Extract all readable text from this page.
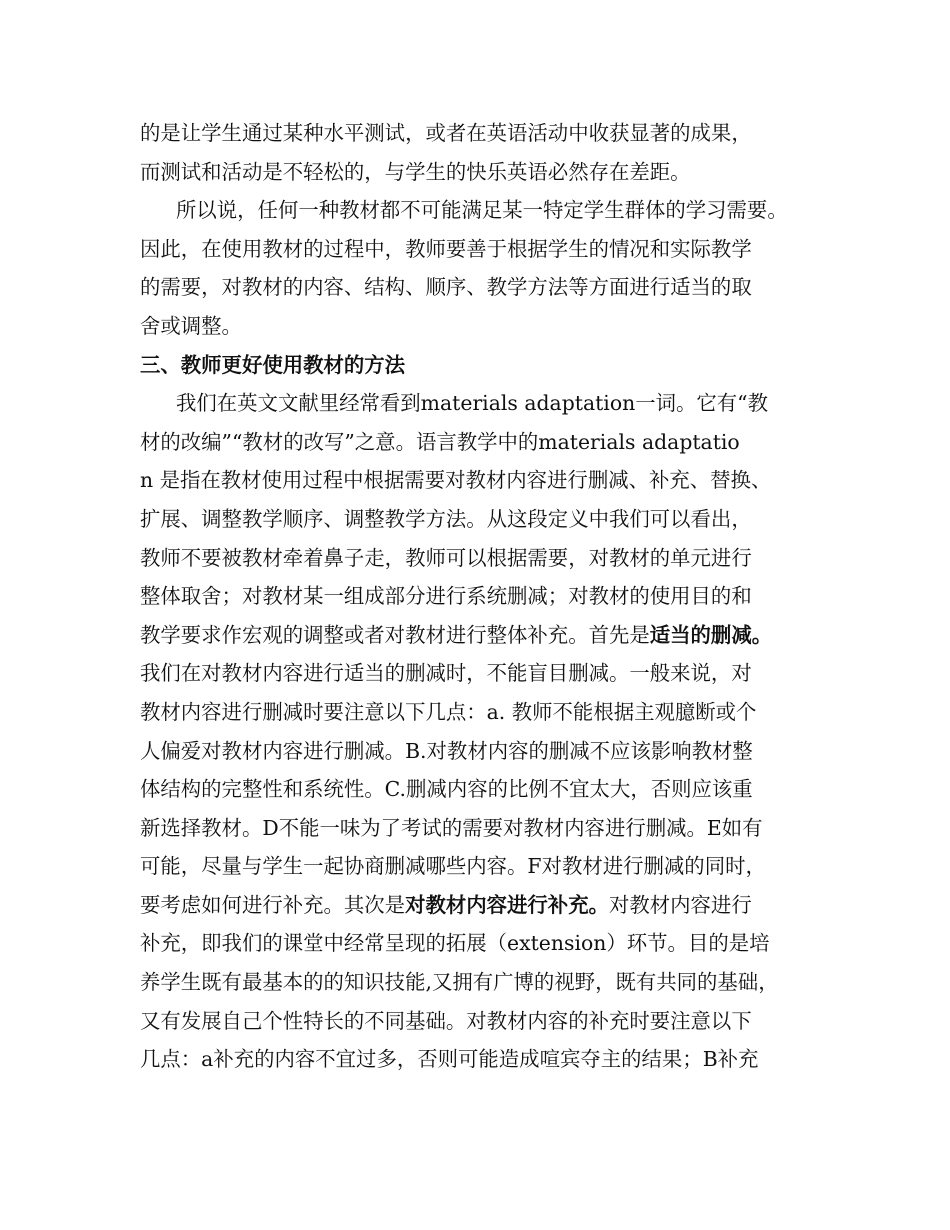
的是让学生通过某种水平测试，或者在英语活动中收获显著的成果，
而测试和活动是不轻松的，与学生的快乐英语必然存在差距。
所以说，任何一种教材都不可能满足某一特定学生群体的学习需要。
因此，在使用教材的过程中，教师要善于根据学生的情况和实际教学
的需要，对教材的内容、结构、顺序、教学方法等方面进行适当的取
舍或调整。
三、教师更好使用教材的方法
我们在英文文献里经常看到materials adaptation一词。它有“教
材的改编”“教材的改写”之意。语言教学中的materials adaptatio
n 是指在教材使用过程中根据需要对教材内容进行删减、补充、替换、
扩展、调整教学顺序、调整教学方法。从这段定义中我们可以看出，
教师不要被教材牵着鼻子走，教师可以根据需要，对教材的单元进行
整体取舍；对教材某一组成部分进行系统删减；对教材的使用目的和
教学要求作宏观的调整或者对教材进行整体补充。首先是适当的删减。
我们在对教材内容进行适当的删减时，不能盲目删减。一般来说，对
教材内容进行删减时要注意以下几点：a. 教师不能根据主观臆断或个
人偏爱对教材内容进行删减。B.对教材内容的删减不应该影响教材整
体结构的完整性和系统性。C.删减内容的比例不宜太大，否则应该重
新选择教材。D不能一味为了考试的需要对教材内容进行删减。E如有
可能，尽量与学生一起协商删减哪些内容。F对教材进行删减的同时，
要考虑如何进行补充。其次是对教材内容进行补充。对教材内容进行
补充，即我们的课堂中经常呈现的拓展（extension）环节。目的是培
养学生既有最基本的的知识技能,又拥有广博的视野，既有共同的基础，
又有发展自己个性特长的不同基础。对教材内容的补充时要注意以下
几点：a补充的内容不宜过多，否则可能造成喧宾夺主的结果；B补充
